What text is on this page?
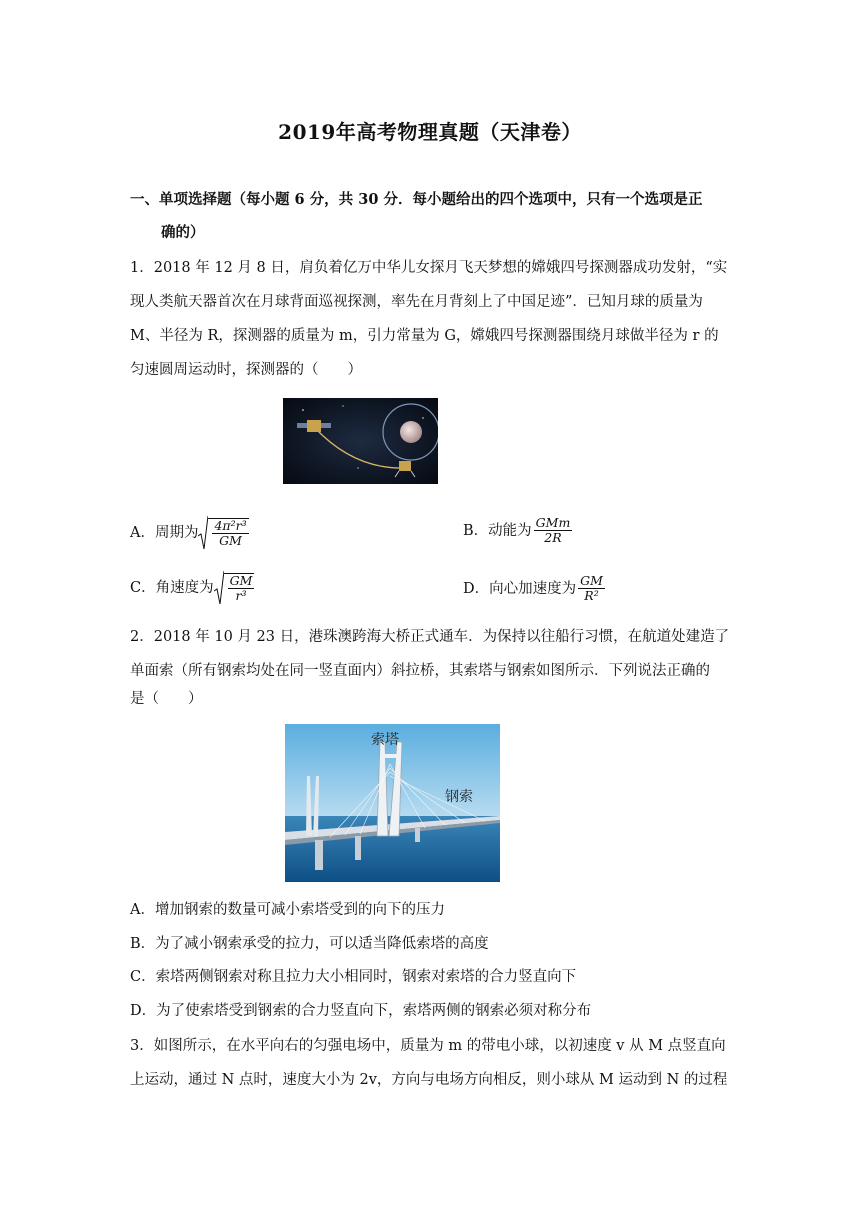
2019年高考物理真题（天津卷）
一、单项选择题（每小题 6 分，共 30 分．每小题给出的四个选项中，只有一个选项是正
确的）
1．2018 年 12 月 8 日，肩负着亿万中华儿女探月飞天梦想的嫦娥四号探测器成功发射，“实
现人类航天器首次在月球背面巡视探测，率先在月背刻上了中国足迹”．已知月球的质量为
M、半径为 R，探测器的质量为 m，引力常量为 G，嫦娥四号探测器围绕月球做半径为 r 的
匀速圆周运动时，探测器的（　　）
A．周期为 $\frac{\text{4π²r³}}{GM}$	B．动能为 $\frac{\text{GMm}}{2R}$
C．角速度为 $\frac{GM}{\text{r³}}$	D．向心加速度为 $\frac{GM}{\text{R²}}$
2．2018 年 10 月 23 日，港珠澳跨海大桥正式通车．为保持以往船行习惯，在航道处建造了
单面索（所有钢索均处在同一竖直面内）斜拉桥，其索塔与钢索如图所示．下列说法正确的
是（　　）
索塔
钢索
A．增加钢索的数量可减小索塔受到的向下的压力
B．为了减小钢索承受的拉力，可以适当降低索塔的高度
C．索塔两侧钢索对称且拉力大小相同时，钢索对索塔的合力竖直向下
D．为了使索塔受到钢索的合力竖直向下，索塔两侧的钢索必须对称分布
3．如图所示，在水平向右的匀强电场中，质量为 m 的带电小球，以初速度 v 从 M 点竖直向
上运动，通过 N 点时，速度大小为 2v，方向与电场方向相反，则小球从 M 运动到 N 的过程
